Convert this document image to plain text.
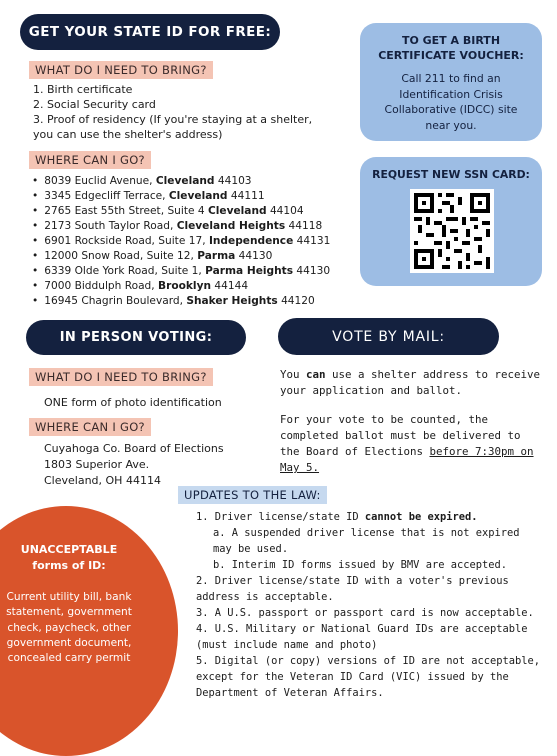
GET YOUR STATE ID FOR FREE:
WHAT DO I NEED TO BRING?
1. Birth certificate
2. Social Security card
3. Proof of residency (If you're staying at a shelter,
you can use the shelter's address)
WHERE CAN I GO?
• 8039 Euclid Avenue, Cleveland 44103
• 3345 Edgecliff Terrace, Cleveland 44111
• 2765 East 55th Street, Suite 4 Cleveland 44104
• 2173 South Taylor Road, Cleveland Heights 44118
• 6901 Rockside Road, Suite 17, Independence 44131
• 12000 Snow Road, Suite 12, Parma 44130
• 6339 Olde York Road, Suite 1, Parma Heights 44130
• 7000 Biddulph Road, Brooklyn 44144
• 16945 Chagrin Boulevard, Shaker Heights 44120
TO GET A BIRTH CERTIFICATE VOUCHER:
Call 211 to find an Identification Crisis Collaborative (IDCC) site near you.
REQUEST NEW SSN CARD:
IN PERSON VOTING:
WHAT DO I NEED TO BRING?
ONE form of photo identification
WHERE CAN I GO?
Cuyahoga Co. Board of Elections
1803 Superior Ave.
Cleveland, OH 44114
VOTE BY MAIL:
You can use a shelter address to receive your application and ballot.
For your vote to be counted, the completed ballot must be delivered to the Board of Elections before 7:30pm on May 5.
UPDATES TO THE LAW:
1. Driver license/state ID cannot be expired.
a. A suspended driver license that is not expired may be used.
b. Interim ID forms issued by BMV are accepted.
2. Driver license/state ID with a voter's previous address is acceptable.
3. A U.S. passport or passport card is now acceptable.
4. U.S. Military or National Guard IDs are acceptable (must include name and photo)
5. Digital (or copy) versions of ID are not acceptable, except for the Veteran ID Card (VIC) issued by the Department of Veteran Affairs.
UNACCEPTABLE forms of ID:
Current utility bill, bank statement, government check, paycheck, other government document, concealed carry permit
